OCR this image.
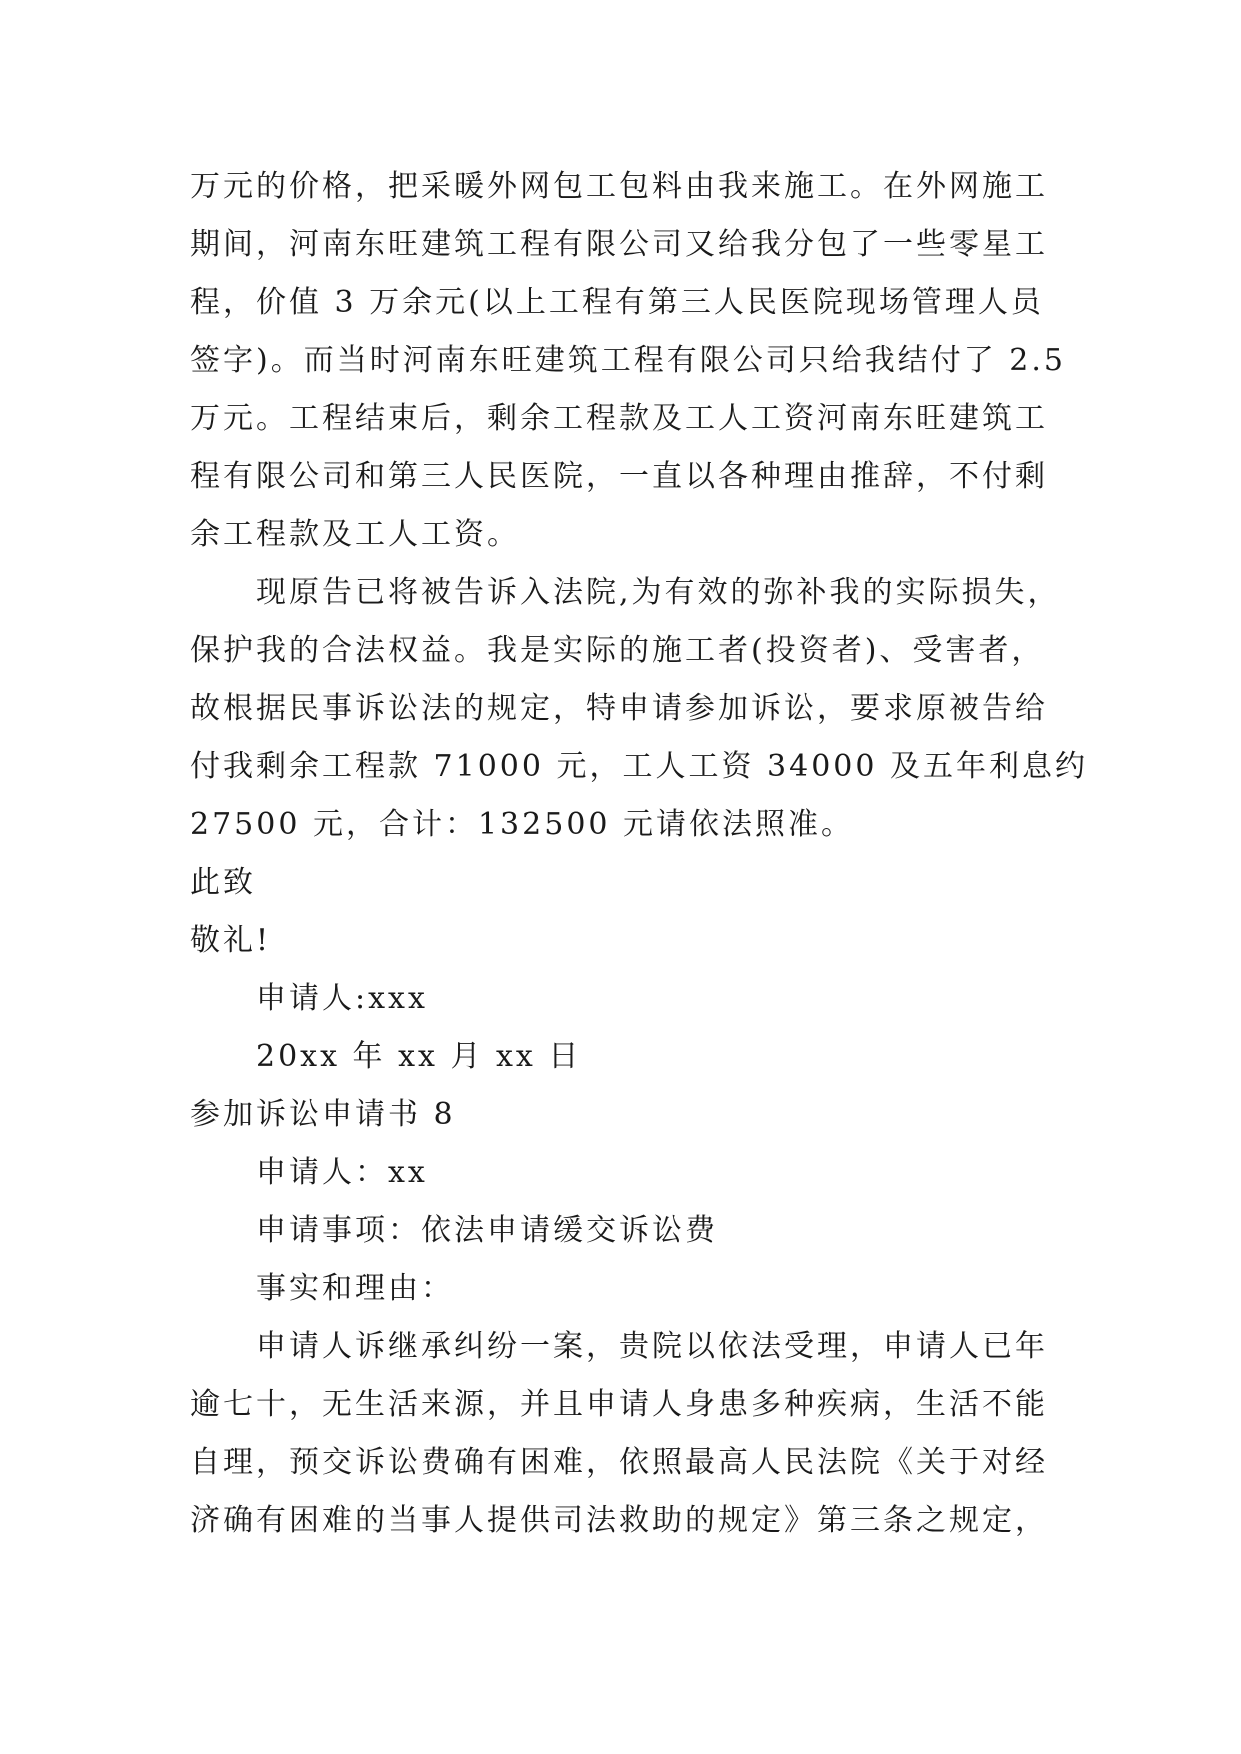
万元的价格，把采暖外网包工包料由我来施工。在外网施工
期间，河南东旺建筑工程有限公司又给我分包了一些零星工
程，价值 3 万余元(以上工程有第三人民医院现场管理人员
签字)。而当时河南东旺建筑工程有限公司只给我结付了 2.5
万元。工程结束后，剩余工程款及工人工资河南东旺建筑工
程有限公司和第三人民医院，一直以各种理由推辞，不付剩
余工程款及工人工资。
现原告已将被告诉入法院,为有效的弥补我的实际损失，
保护我的合法权益。我是实际的施工者(投资者)、受害者，
故根据民事诉讼法的规定，特申请参加诉讼，要求原被告给
付我剩余工程款 71000 元，工人工资 34000 及五年利息约
27500 元，合计：132500 元请依法照准。
此致
敬礼!
申请人:xxx
20xx 年 xx 月 xx 日
参加诉讼申请书 8
申请人：xx
申请事项：依法申请缓交诉讼费
事实和理由：
申请人诉继承纠纷一案，贵院以依法受理，申请人已年
逾七十，无生活来源，并且申请人身患多种疾病，生活不能
自理，预交诉讼费确有困难，依照最高人民法院《关于对经
济确有困难的当事人提供司法救助的规定》第三条之规定，
